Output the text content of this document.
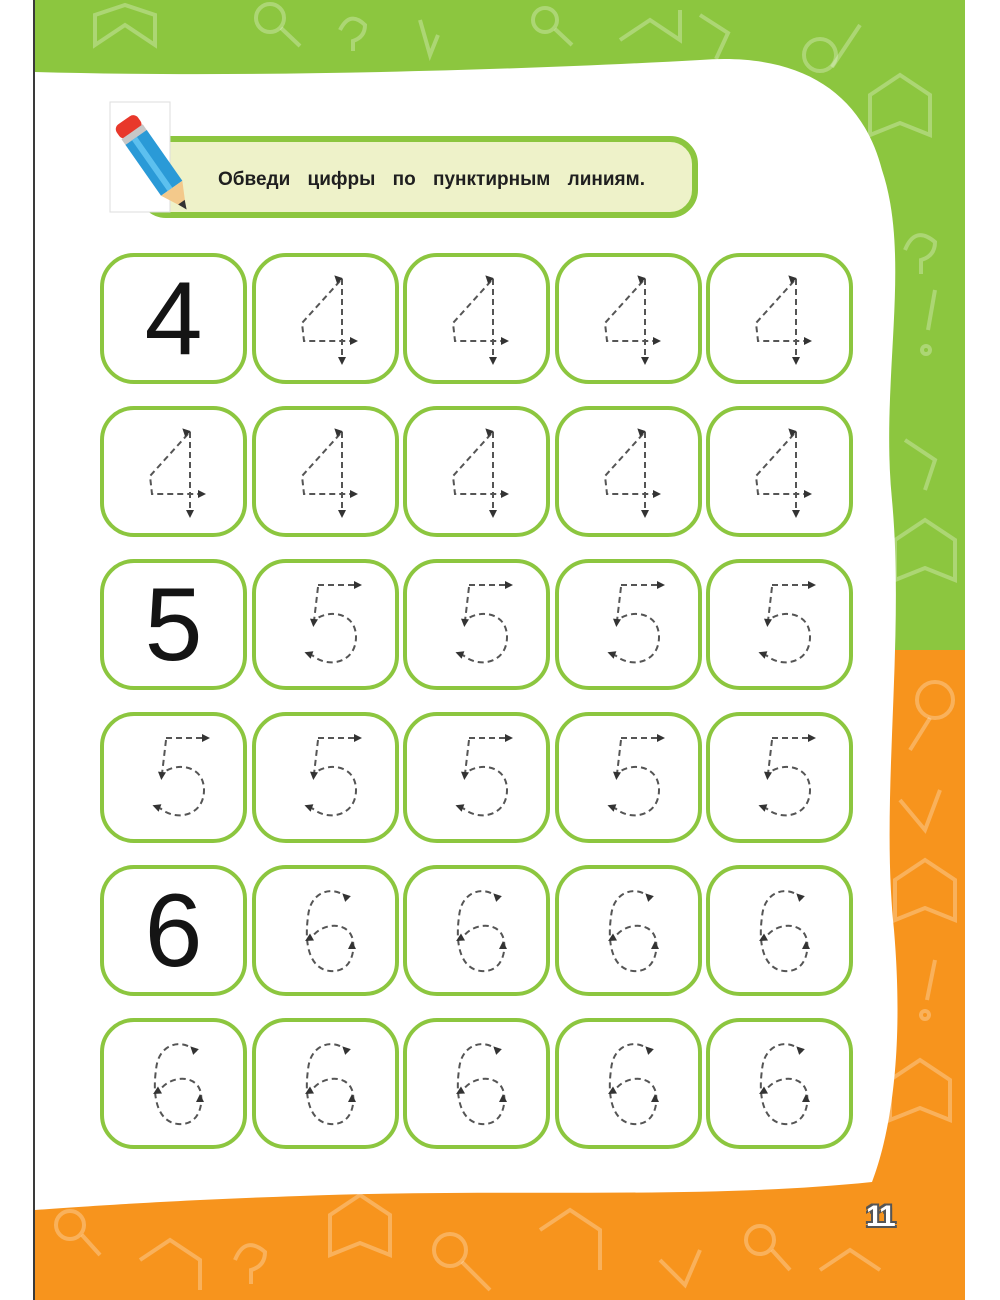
Обведи цифры по пунктирным линиям.
4
5
6
11
